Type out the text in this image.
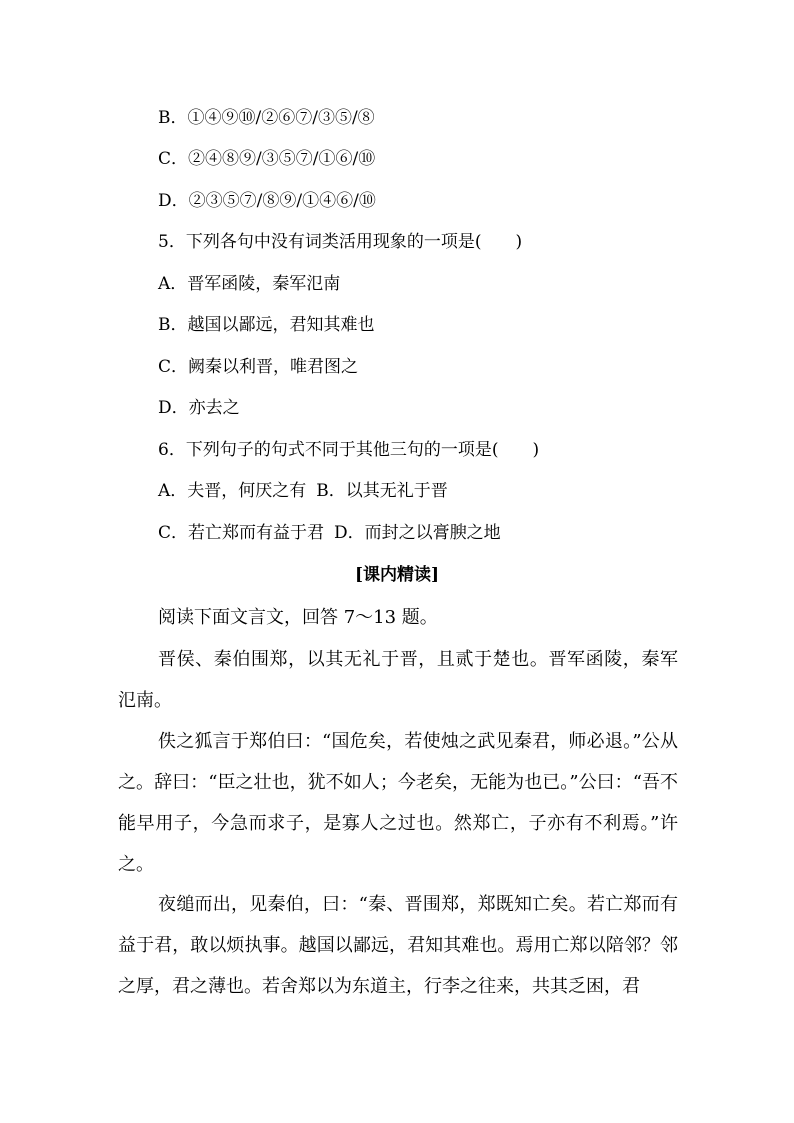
B．①④⑨⑩/②⑥⑦/③⑤/⑧
C．②④⑧⑨/③⑤⑦/①⑥/⑩
D．②③⑤⑦/⑧⑨/①④⑥/⑩
5．下列各句中没有词类活用现象的一项是(　　)
A．晋军函陵，秦军氾南
B．越国以鄙远，君知其难也
C．阙秦以利晋，唯君图之
D．亦去之
6．下列句子的句式不同于其他三句的一项是(　　)
A．夫晋，何厌之有 B．以其无礼于晋
C．若亡郑而有益于君 D．而封之以膏腴之地
[课内精读]
阅读下面文言文，回答 7～13 题。
晋侯、秦伯围郑，以其无礼于晋，且贰于楚也。晋军函陵，秦军氾南。
佚之狐言于郑伯曰：“国危矣，若使烛之武见秦君，师必退。”公从之。辞曰：“臣之壮也，犹不如人；今老矣，无能为也已。”公曰：“吾不能早用子，今急而求子，是寡人之过也。然郑亡，子亦有不利焉。”许之。
夜缒而出，见秦伯，曰：“秦、晋围郑，郑既知亡矣。若亡郑而有益于君，敢以烦执事。越国以鄙远，君知其难也。焉用亡郑以陪邻？邻之厚，君之薄也。若舍郑以为东道主，行李之往来，共其乏困，君
